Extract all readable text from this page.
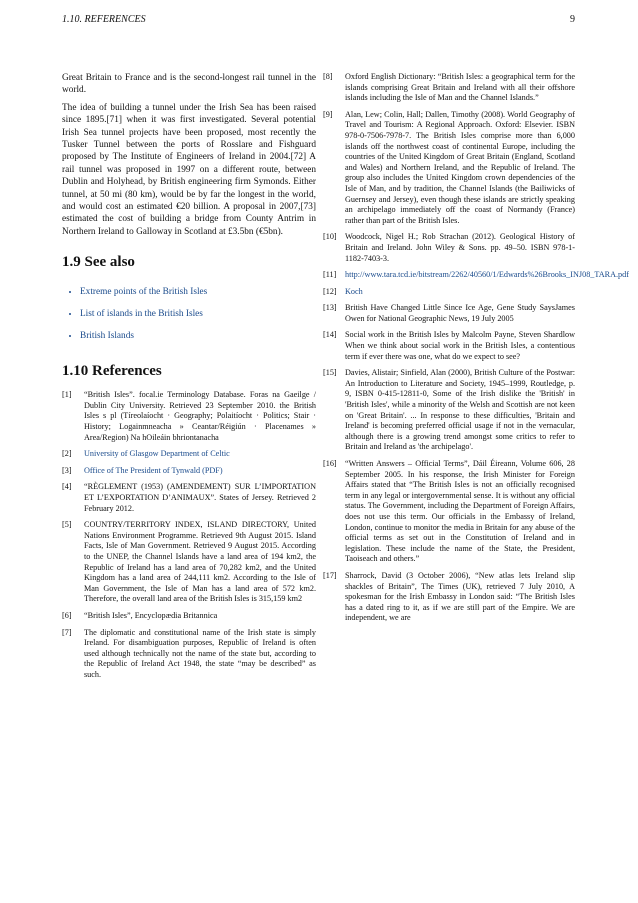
1.10. REFERENCES	9

Great Britain to France and is the second-longest rail tunnel in the world.

The idea of building a tunnel under the Irish Sea has been raised since 1895.[71] when it was first investigated. Several potential Irish Sea tunnel projects have been proposed, most recently the Tusker Tunnel between the ports of Rosslare and Fishguard proposed by The Institute of Engineers of Ireland in 2004.[72] A rail tunnel was proposed in 1997 on a different route, between Dublin and Holyhead, by British engineering firm Symonds. Either tunnel, at 50 mi (80 km), would be by far the longest in the world, and would cost an estimated €20 billion. A proposal in 2007,[73] estimated the cost of building a bridge from County Antrim in Northern Ireland to Galloway in Scotland at £3.5bn (€5bn).

1.9 See also
• Extreme points of the British Isles
• List of islands in the British Isles
• British Islands
1.10 References
[1]	“British Isles”. focal.ie Terminology Database. Foras na Gaeilge / Dublin City University. Retrieved 23 September 2010. the British Isles s pl (Tíreolaíocht · Geography; Polaitíocht · Politics; Stair · History; Logainmneacha » Ceantar/Réigiún · Placenames » Area/Region) Na hOileáin bhriontanacha
[2]	University of Glasgow Department of Celtic
[3]	Office of The President of Tynwald (PDF)
[4]	“RÈGLEMENT (1953) (AMENDEMENT) SUR L’IMPORTATION ET L’EXPORTATION D’ANIMAUX”. States of Jersey. Retrieved 2 February 2012.
[5]	COUNTRY/TERRITORY INDEX, ISLAND DIRECTORY, United Nations Environment Programme. Retrieved 9th August 2015. Island Facts, Isle of Man Government. Retrieved 9 August 2015. According to the UNEP, the Channel Islands have a land area of 194 km2, the Republic of Ireland has a land area of 70,282 km2, and the United Kingdom has a land area of 244,111 km2. According to the Isle of Man Government, the Isle of Man has a land area of 572 km2. Therefore, the overall land area of the British Isles is 315,159 km2
[6]	“British Isles”, Encyclopædia Britannica
[7]	The diplomatic and constitutional name of the Irish state is simply Ireland. For disambiguation purposes, Republic of Ireland is often used although technically not the name of the state but, according to the Republic of Ireland Act 1948, the state “may be described” as such.
[8]	Oxford English Dictionary: “British Isles: a geographical term for the islands comprising Great Britain and Ireland with all their offshore islands including the Isle of Man and the Channel Islands.”
[9]	Alan, Lew; Colin, Hall; Dallen, Timothy (2008). World Geography of Travel and Tourism: A Regional Approach. Oxford: Elsevier. ISBN 978-0-7506-7978-7. The British Isles comprise more than 6,000 islands off the northwest coast of continental Europe, including the countries of the United Kingdom of Great Britain (England, Scotland and Wales) and Northern Ireland, and the Republic of Ireland. The group also includes the United Kingdom crown dependencies of the Isle of Man, and by tradition, the Channel Islands (the Bailiwicks of Guernsey and Jersey), even though these islands are strictly speaking an archipelago immediately off the coast of Normandy (France) rather than part of the British Isles.
[10]	Woodcock, Nigel H.; Rob Strachan (2012). Geological History of Britain and Ireland. John Wiley & Sons. pp. 49–50. ISBN 978-1-1182-7403-3.
[11]	http://www.tara.tcd.ie/bitstream/2262/40560/1/Edwards%26Brooks_INJ08_TARA.pdf
[12]	Koch
[13]	British Have Changed Little Since Ice Age, Gene Study SaysJames Owen for National Geographic News, 19 July 2005
[14]	Social work in the British Isles by Malcolm Payne, Steven Shardlow When we think about social work in the British Isles, a contentious term if ever there was one, what do we expect to see?
[15]	Davies, Alistair; Sinfield, Alan (2000), British Culture of the Postwar: An Introduction to Literature and Society, 1945–1999, Routledge, p. 9, ISBN 0-415-12811-0, Some of the Irish dislike the 'British' in 'British Isles', while a minority of the Welsh and Scottish are not keen on 'Great Britain'. ... In response to these difficulties, 'Britain and Ireland' is becoming preferred official usage if not in the vernacular, although there is a growing trend amongst some critics to refer to Britain and Ireland as 'the archipelago'.
[16]	“Written Answers – Official Terms”, Dáil Éireann, Volume 606, 28 September 2005. In his response, the Irish Minister for Foreign Affairs stated that “The British Isles is not an officially recognised term in any legal or intergovernmental sense. It is without any official status. The Government, including the Department of Foreign Affairs, does not use this term. Our officials in the Embassy of Ireland, London, continue to monitor the media in Britain for any abuse of the official terms as set out in the Constitution of Ireland and in legislation. These include the name of the State, the President, Taoiseach and others.”
[17]	Sharrock, David (3 October 2006), “New atlas lets Ireland slip shackles of Britain”, The Times (UK), retrieved 7 July 2010, A spokesman for the Irish Embassy in London said: “The British Isles has a dated ring to it, as if we are still part of the Empire. We are independent, we are
